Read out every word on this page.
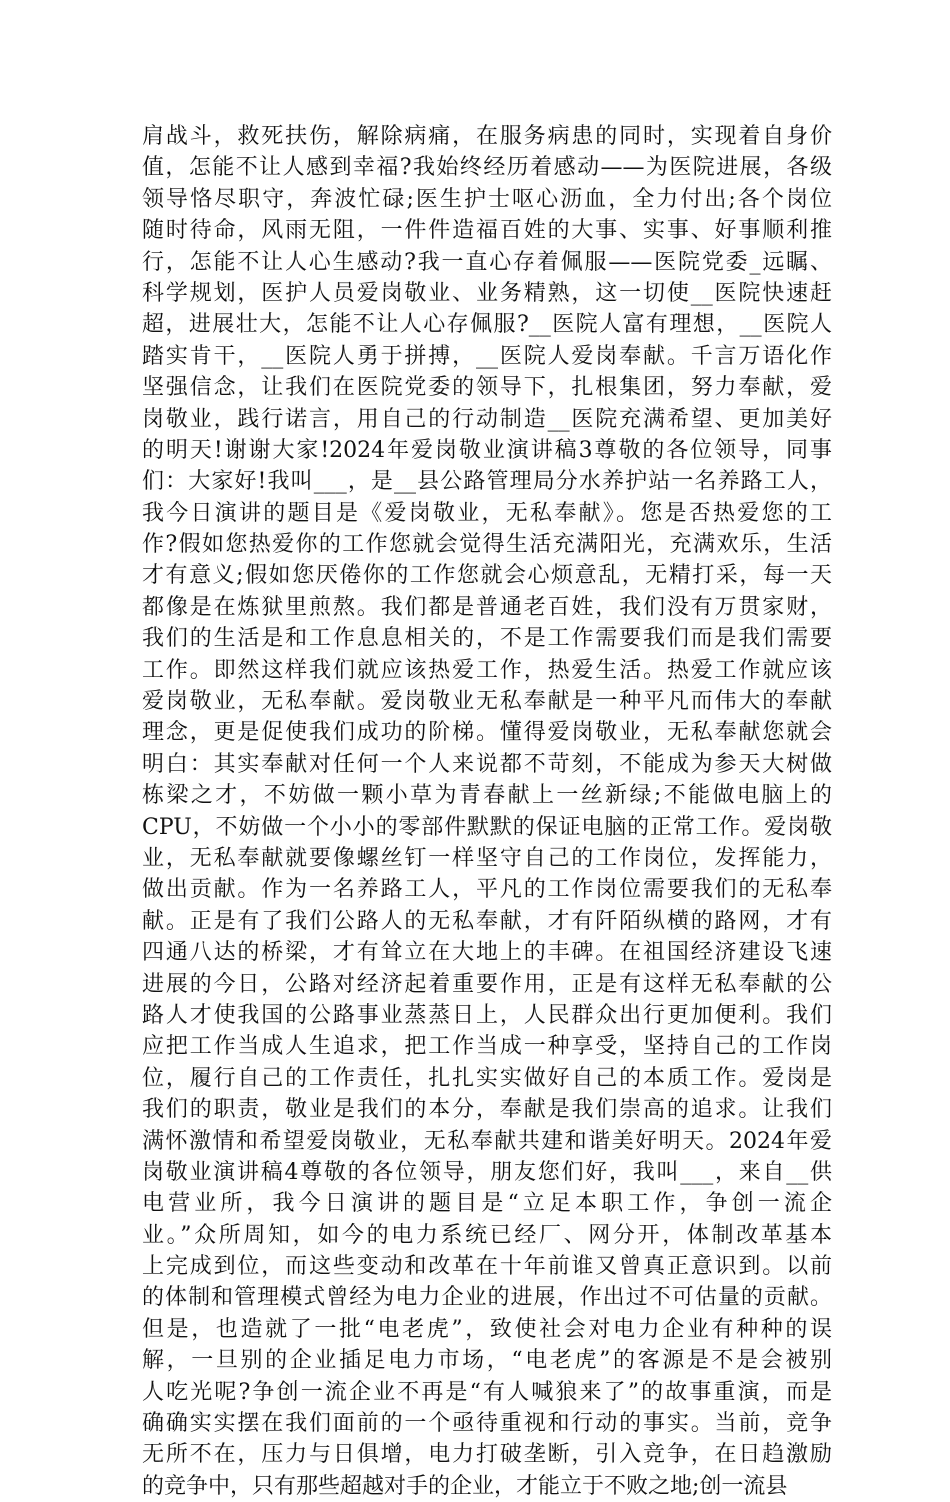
肩战斗，救死扶伤，解除病痛，在服务病患的同时，实现着自身价
值，怎能不让人感到幸福?我始终经历着感动——为医院进展，各级
领导恪尽职守，奔波忙碌;医生护士呕心沥血，全力付出;各个岗位
随时待命，风雨无阻，一件件造福百姓的大事、实事、好事顺利推
行，怎能不让人心生感动?我一直心存着佩服——医院党委_远瞩、
科学规划，医护人员爱岗敬业、业务精熟，这一切使__医院快速赶
超，进展壮大，怎能不让人心存佩服?__医院人富有理想，__医院人
踏实肯干，__医院人勇于拼搏，__医院人爱岗奉献。千言万语化作
坚强信念，让我们在医院党委的领导下，扎根集团，努力奉献，爱
岗敬业，践行诺言，用自己的行动制造__医院充满希望、更加美好
的明天!谢谢大家!2024年爱岗敬业演讲稿3尊敬的各位领导，同事
们：大家好!我叫___，是__县公路管理局分水养护站一名养路工人，
我今日演讲的题目是《爱岗敬业，无私奉献》。您是否热爱您的工
作?假如您热爱你的工作您就会觉得生活充满阳光，充满欢乐，生活
才有意义;假如您厌倦你的工作您就会心烦意乱，无精打采，每一天
都像是在炼狱里煎熬。我们都是普通老百姓，我们没有万贯家财，
我们的生活是和工作息息相关的，不是工作需要我们而是我们需要
工作。即然这样我们就应该热爱工作，热爱生活。热爱工作就应该
爱岗敬业，无私奉献。爱岗敬业无私奉献是一种平凡而伟大的奉献
理念，更是促使我们成功的阶梯。懂得爱岗敬业，无私奉献您就会
明白：其实奉献对任何一个人来说都不苛刻，不能成为参天大树做
栋梁之才，不妨做一颗小草为青春献上一丝新绿;不能做电脑上的
CPU，不妨做一个小小的零部件默默的保证电脑的正常工作。爱岗敬
业，无私奉献就要像螺丝钉一样坚守自己的工作岗位，发挥能力，
做出贡献。作为一名养路工人，平凡的工作岗位需要我们的无私奉
献。正是有了我们公路人的无私奉献，才有阡陌纵横的路网，才有
四通八达的桥梁，才有耸立在大地上的丰碑。在祖国经济建设飞速
进展的今日，公路对经济起着重要作用，正是有这样无私奉献的公
路人才使我国的公路事业蒸蒸日上，人民群众出行更加便利。我们
应把工作当成人生追求，把工作当成一种享受，坚持自己的工作岗
位，履行自己的工作责任，扎扎实实做好自己的本质工作。爱岗是
我们的职责，敬业是我们的本分，奉献是我们崇高的追求。让我们
满怀激情和希望爱岗敬业，无私奉献共建和谐美好明天。2024年爱
岗敬业演讲稿4尊敬的各位领导，朋友您们好，我叫___，来自__供
电营业所，我今日演讲的题目是“立足本职工作，争创一流企
业。”众所周知，如今的电力系统已经厂、网分开，体制改革基本
上完成到位，而这些变动和改革在十年前谁又曾真正意识到。以前
的体制和管理模式曾经为电力企业的进展，作出过不可估量的贡献。
但是，也造就了一批“电老虎”，致使社会对电力企业有种种的误
解，一旦别的企业插足电力市场，“电老虎”的客源是不是会被别
人吃光呢?争创一流企业不再是“有人喊狼来了”的故事重演，而是
确确实实摆在我们面前的一个亟待重视和行动的事实。当前，竞争
无所不在，压力与日俱增，电力打破垄断，引入竞争，在日趋激励
的竞争中，只有那些超越对手的企业，才能立于不败之地;创一流县
